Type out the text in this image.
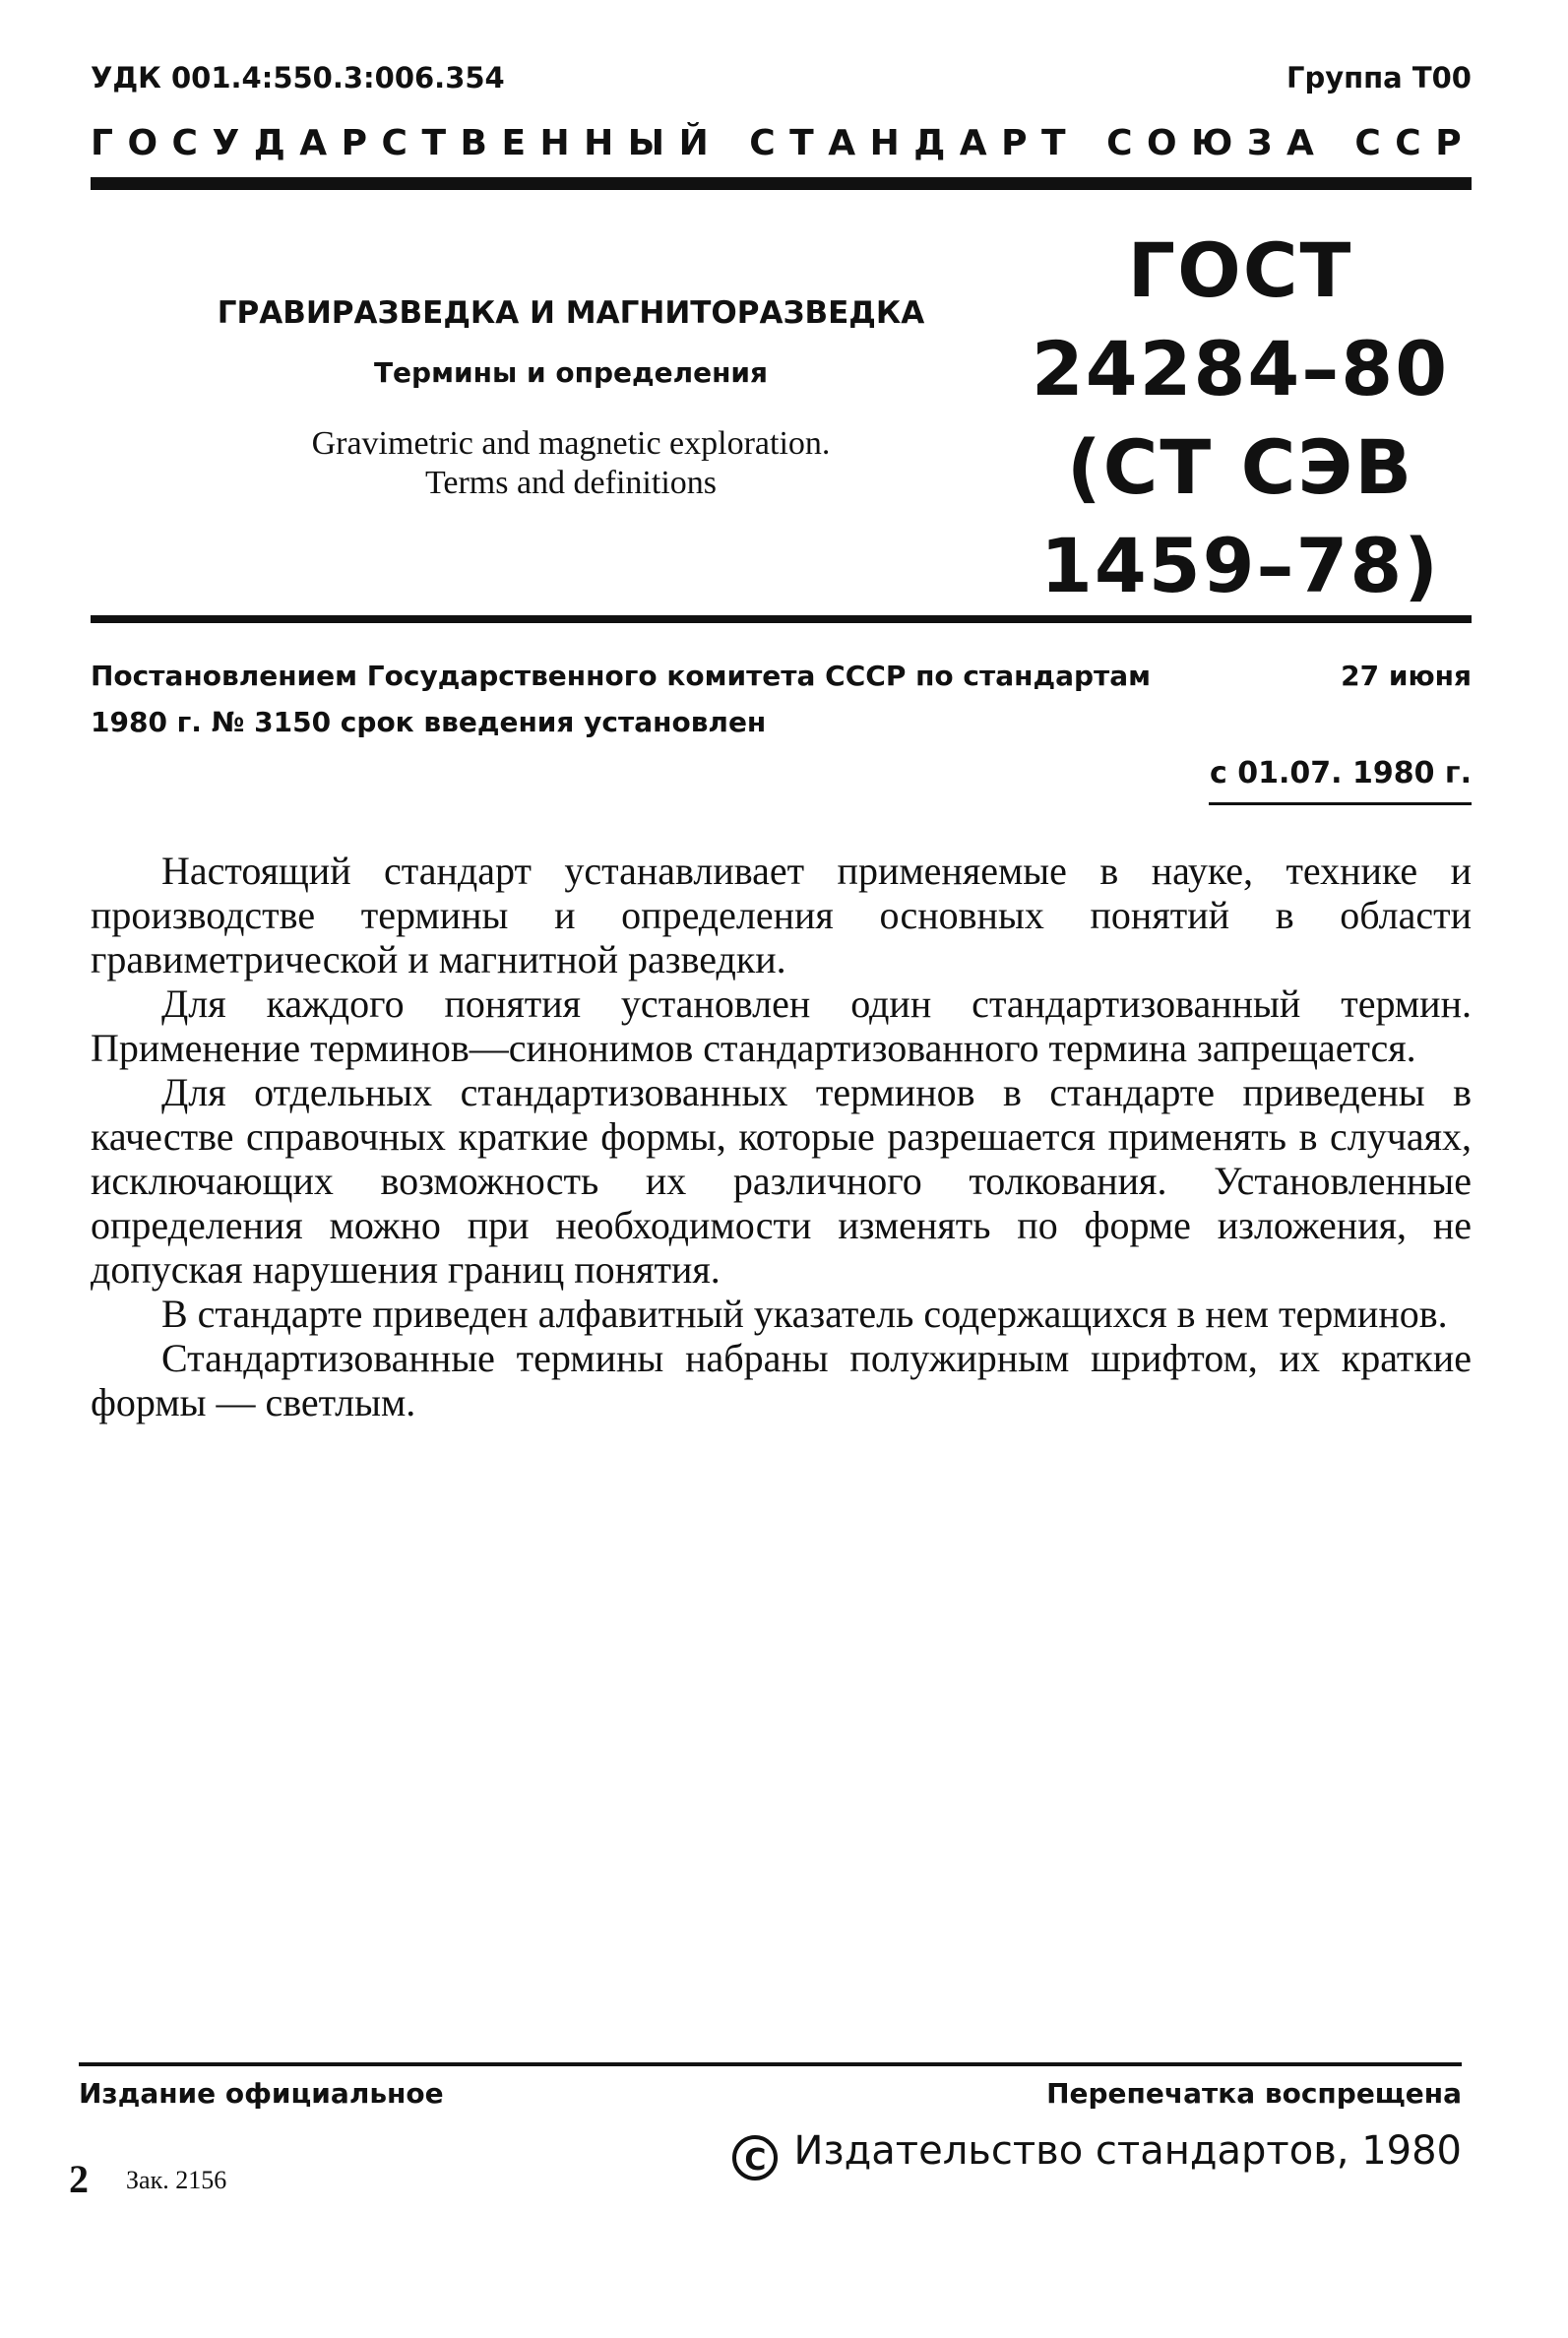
УДК 001.4:550.3:006.354	Группа Т00
ГОСУДАРСТВЕННЫЙ СТАНДАРТ СОЮЗА ССР
ГРАВИРАЗВЕДКА И МАГНИТОРАЗВЕДКА
Термины и определения
Gravimetric and magnetic exploration.
Terms and definitions
ГОСТ
24284–80
(СТ СЭВ
1459–78)
Постановлением Государственного комитета СССР по стандартам	27 июня
1980 г. № 3150 срок введения установлен
с 01.07. 1980 г.

Настоящий стандарт устанавливает применяемые в науке, технике и производстве термины и определения основных понятий в области гравиметрической и магнитной разведки.

Для каждого понятия установлен один стандартизованный термин. Применение терминов—синонимов стандартизованного термина запрещается.

Для отдельных стандартизованных терминов в стандарте приведены в качестве справочных краткие формы, которые разрешается применять в случаях, исключающих возможность их различного толкования. Установленные определения можно при необходимости изменять по форме изложения, не допуская нарушения границ понятия.

В стандарте приведен алфавитный указатель содержащихся в нем терминов.

Стандартизованные термины набраны полужирным шрифтом, их краткие формы — светлым.

Издание официальное	Перепечатка воспрещена
C Издательство стандартов, 1980
2 Зак. 2156
